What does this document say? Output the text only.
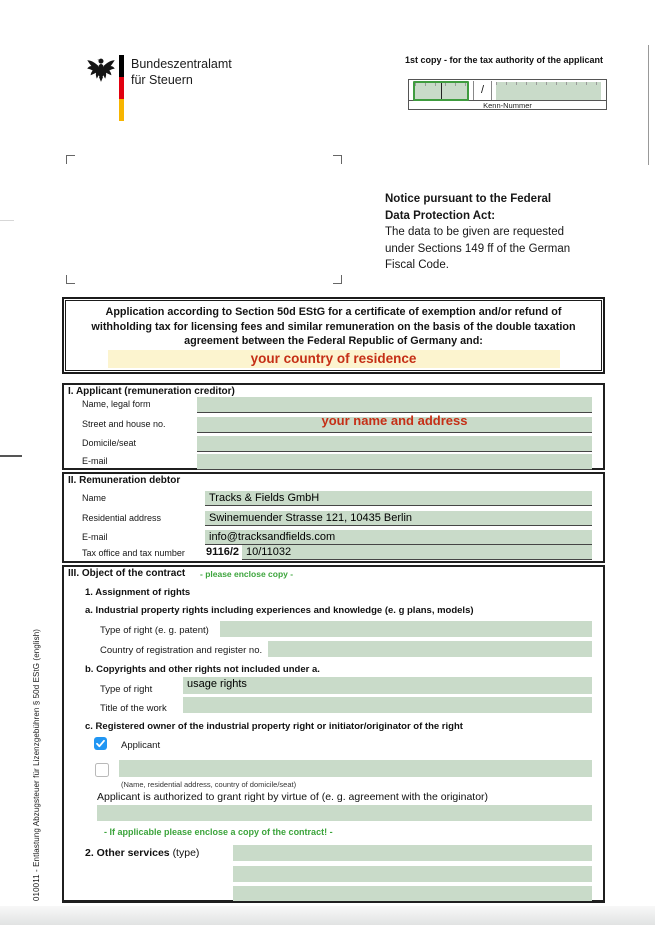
Bundeszentralamt
für Steuern
1st copy - for the tax authority of the applicant
/
Kenn-Nummer
Notice pursuant to the Federal
Data Protection Act:
The data to be given are requested
under Sections 149 ff of the German
Fiscal Code.
Application according to Section 50d EStG for a certificate of exemption and/or refund of withholding tax for licensing fees and similar remuneration on the basis of the double taxation agreement between the Federal Republic of Germany and:
your country of residence
I. Applicant (remuneration creditor)
Name, legal form
Street and house no.	your name and address
Domicile/seat
E-mail
II. Remuneration debtor
Name	Tracks & Fields GmbH
Residential address	Swinemuender Strasse 121, 10435 Berlin
E-mail	info@tracksandfields.com
Tax office and tax number 9116/2 10/11032
III. Object of the contract - please enclose copy -
1. Assignment of rights
a. Industrial property rights including experiences and knowledge (e. g plans, models)
Type of right (e. g. patent)
Country of registration and register no.
b. Copyrights and other rights not included under a.
Type of right	usage rights
Title of the work
c. Registered owner of the industrial property right or initiator/originator of the right
Applicant
(Name, residential address, country of domicile/seat)
Applicant is authorized to grant right by virtue of (e. g. agreement with the originator)
- If applicable please enclose a copy of the contract! -
2. Other services (type)
010011 - Entlastung Abzugsteuer für Lizenzgebühren § 50d EStG (english)
